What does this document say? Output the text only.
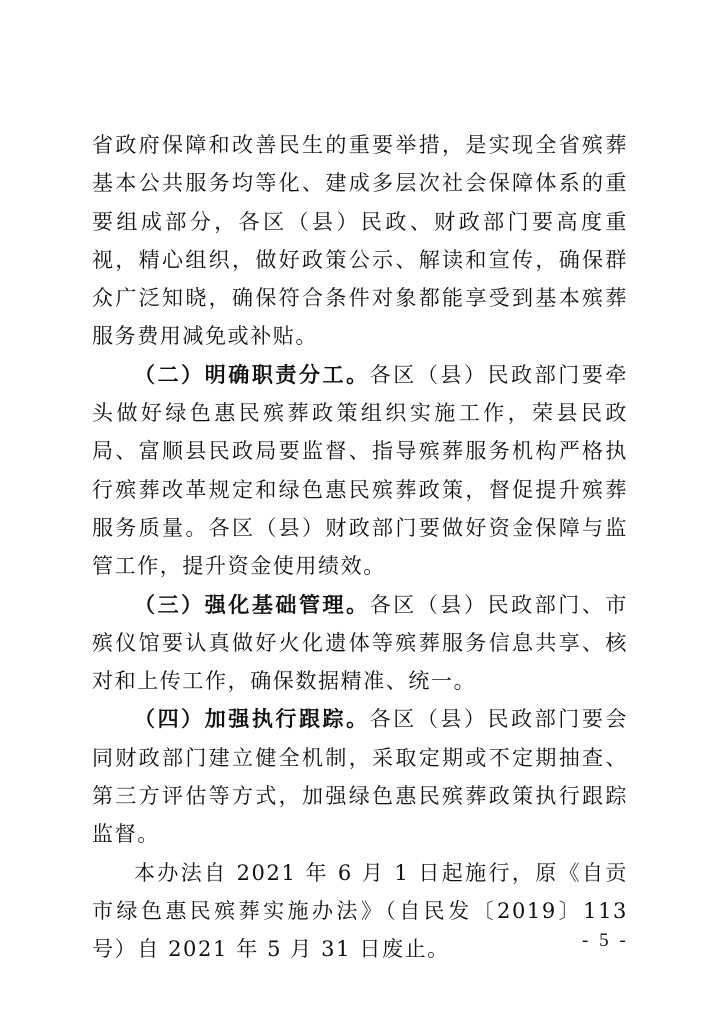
省政府保障和改善民生的重要举措，是实现全省殡葬基本公共服务均等化、建成多层次社会保障体系的重要组成部分，各区（县）民政、财政部门要高度重视，精心组织，做好政策公示、解读和宣传，确保群众广泛知晓，确保符合条件对象都能享受到基本殡葬服务费用减免或补贴。

（二）明确职责分工。各区（县）民政部门要牵头做好绿色惠民殡葬政策组织实施工作，荣县民政局、富顺县民政局要监督、指导殡葬服务机构严格执行殡葬改革规定和绿色惠民殡葬政策，督促提升殡葬服务质量。各区（县）财政部门要做好资金保障与监管工作，提升资金使用绩效。

（三）强化基础管理。各区（县）民政部门、市殡仪馆要认真做好火化遗体等殡葬服务信息共享、核对和上传工作，确保数据精准、统一。

（四）加强执行跟踪。各区（县）民政部门要会同财政部门建立健全机制，采取定期或不定期抽查、第三方评估等方式，加强绿色惠民殡葬政策执行跟踪监督。

本办法自 2021 年 6 月 1 日起施行，原《自贡市绿色惠民殡葬实施办法》（自民发〔2019〕113 号）自 2021 年 5 月 31 日废止。	- 5 -
